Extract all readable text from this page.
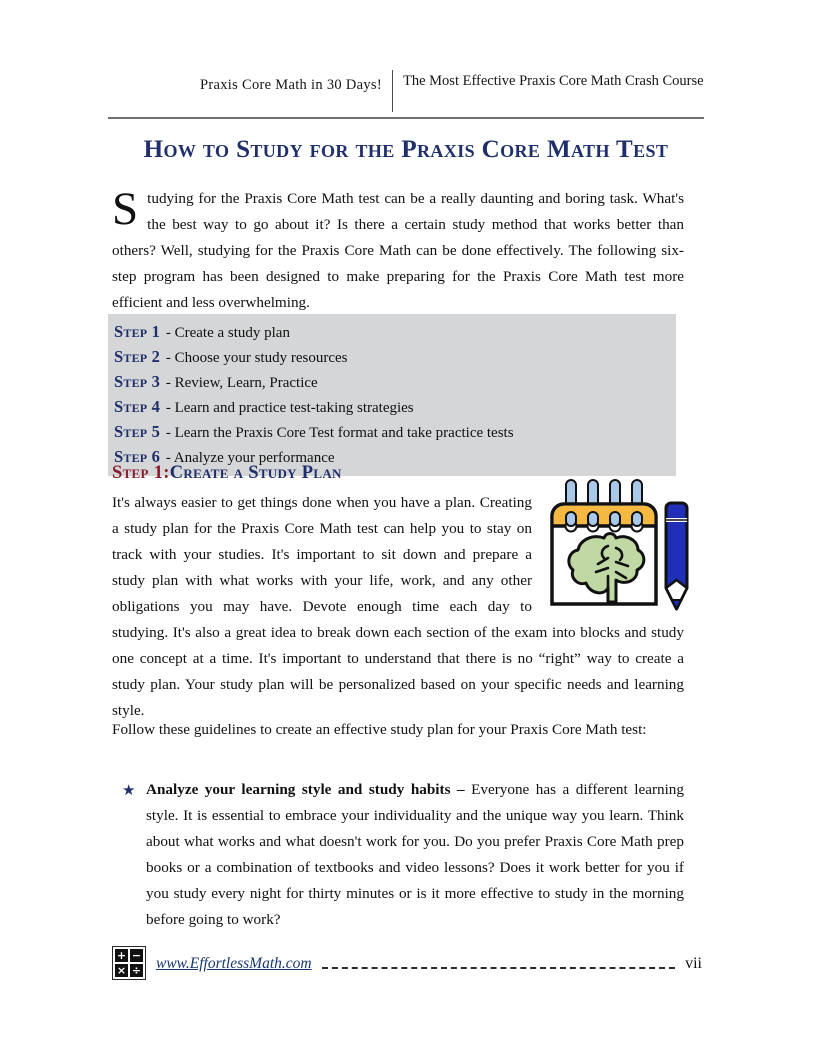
Praxis Core Math in 30 Days!	The Most Effective Praxis Core Math Crash Course
How to Study for the Praxis Core Math Test
Studying for the Praxis Core Math test can be a really daunting and boring task. What's the best way to go about it? Is there a certain study method that works better than others? Well, studying for the Praxis Core Math can be done effectively. The following six-step program has been designed to make preparing for the Praxis Core Math test more efficient and less overwhelming.
Step 1 - Create a study plan
Step 2 - Choose your study resources
Step 3 - Review, Learn, Practice
Step 4 - Learn and practice test-taking strategies
Step 5 - Learn the Praxis Core Test format and take practice tests
Step 6 - Analyze your performance
Step 1:Create a Study Plan
It's always easier to get things done when you have a plan. Creating a study plan for the Praxis Core Math test can help you to stay on track with your studies. It's important to sit down and prepare a study plan with what works with your life, work, and any other obligations you may have. Devote enough time each day to studying. It's also a great idea to break down each section of the exam into blocks and study one concept at a time. It's important to understand that there is no “right” way to create a study plan. Your study plan will be personalized based on your specific needs and learning style.
Follow these guidelines to create an effective study plan for your Praxis Core Math test:
★ Analyze your learning style and study habits – Everyone has a different learning style. It is essential to embrace your individuality and the unique way you learn. Think about what works and what doesn't work for you. Do you prefer Praxis Core Math prep books or a combination of textbooks and video lessons? Does it work better for you if you study every night for thirty minutes or is it more effective to study in the morning before going to work?
+ −
× ÷ www.EffortlessMath.com	vii
